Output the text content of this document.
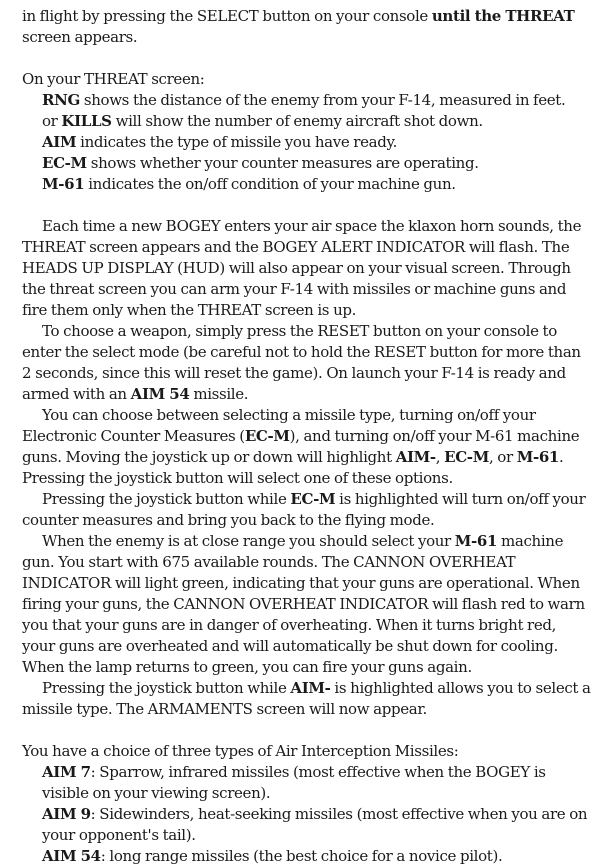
in flight by pressing the SELECT button on your console until the THREAT
screen appears.

On your THREAT screen:

RNG shows the distance of the enemy from your F-14, measured in feet.

or KILLS will show the number of enemy aircraft shot down.

AIM indicates the type of missile you have ready.

EC-M shows whether your counter measures are operating.

M-61 indicates the on/off condition of your machine gun.

Each time a new BOGEY enters your air space the klaxon horn sounds, the THREAT screen appears and the BOGEY ALERT INDICATOR will flash. The HEADS UP DISPLAY (HUD) will also appear on your visual screen. Through the threat screen you can arm your F-14 with missiles or machine guns and fire them only when the THREAT screen is up.

To choose a weapon, simply press the RESET button on your console to enter the select mode (be careful not to hold the RESET button for more than 2 seconds, since this will reset the game). On launch your F-14 is ready and armed with an AIM 54 missile.

You can choose between selecting a missile type, turning on/off your Electronic Counter Measures (EC-M), and turning on/off your M-61 machine guns. Moving the joystick up or down will highlight AIM-, EC-M, or M-61. Pressing the joystick button will select one of these options.

Pressing the joystick button while EC-M is highlighted will turn on/off your counter measures and bring you back to the flying mode.

When the enemy is at close range you should select your M-61 machine gun. You start with 675 available rounds. The CANNON OVERHEAT INDICATOR will light green, indicating that your guns are operational. When firing your guns, the CANNON OVERHEAT INDICATOR will flash red to warn you that your guns are in danger of overheating. When it turns bright red, your guns are overheated and will automatically be shut down for cooling. When the lamp returns to green, you can fire your guns again.

Pressing the joystick button while AIM- is highlighted allows you to select a missile type. The ARMAMENTS screen will now appear.

You have a choice of three types of Air Interception Missiles:

AIM 7: Sparrow, infrared missiles (most effective when the BOGEY is visible on your viewing screen).

AIM 9: Sidewinders, heat-seeking missiles (most effective when you are on your opponent's tail).

AIM 54: long range missiles (the best choice for a novice pilot).
